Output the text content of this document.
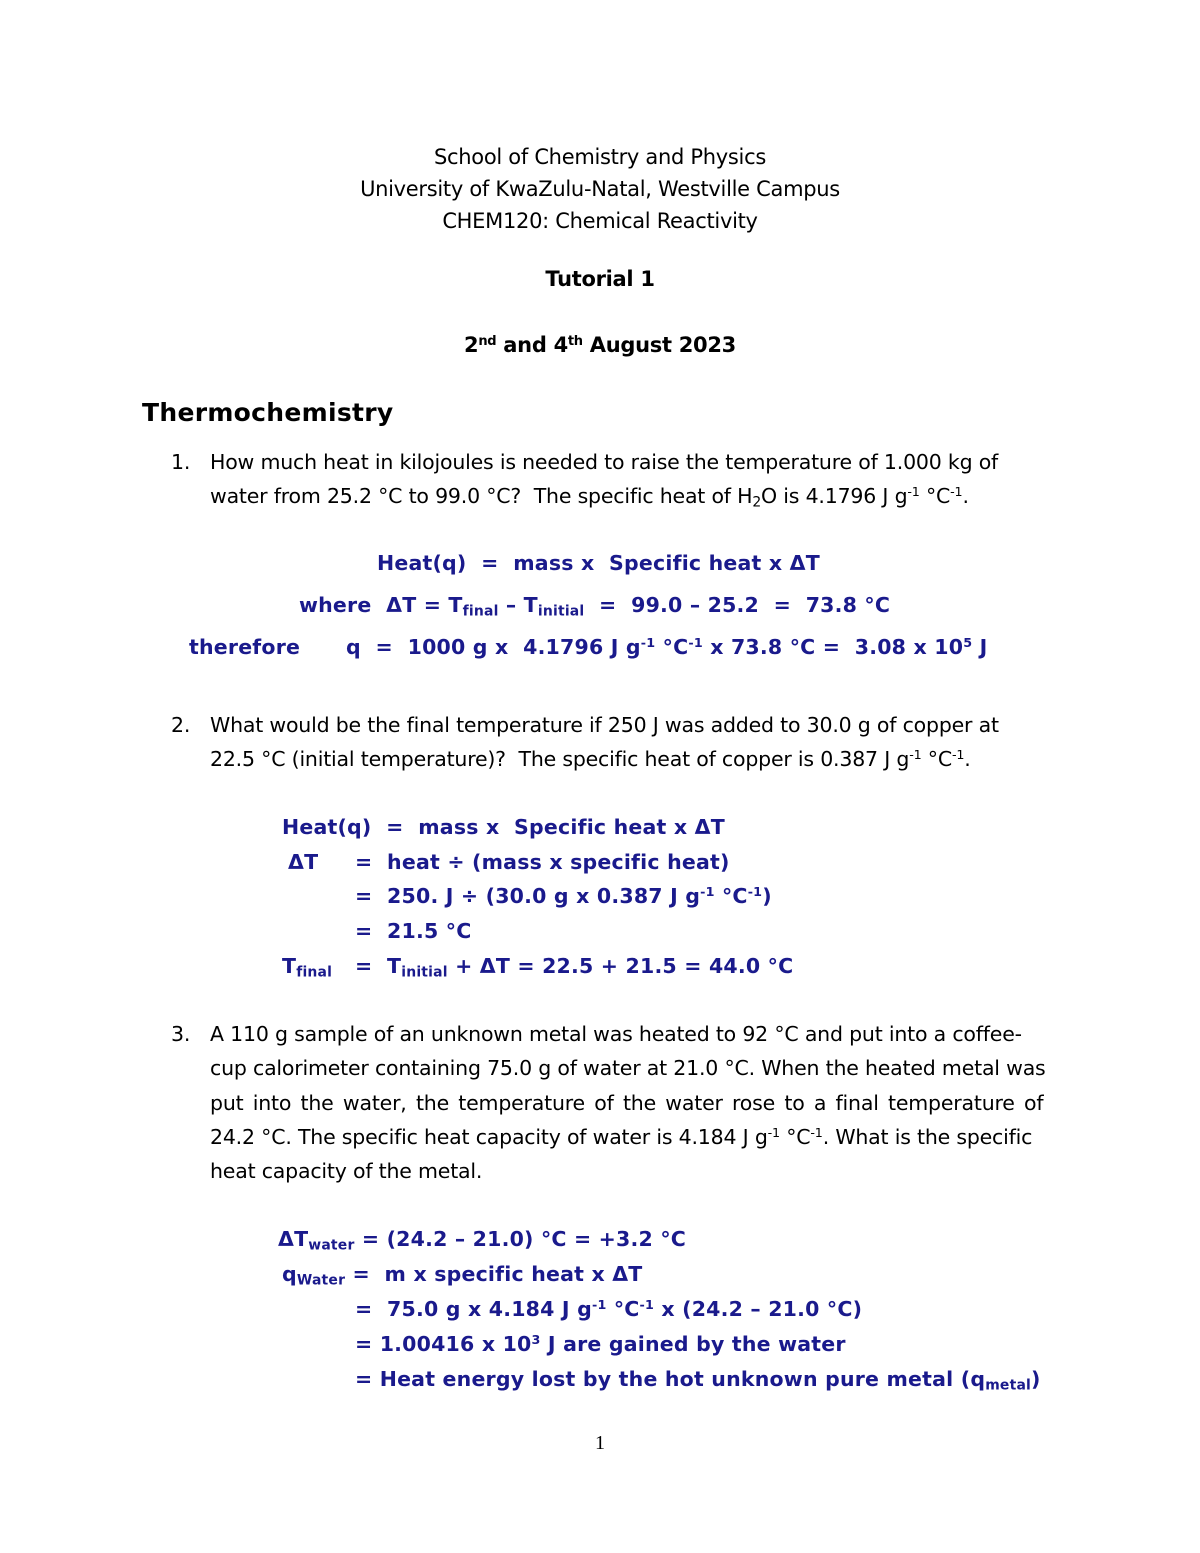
School of Chemistry and Physics
University of KwaZulu-Natal, Westville Campus
CHEM120: Chemical Reactivity
Tutorial 1
2nd and 4th August 2023
Thermochemistry
1. How much heat in kilojoules is needed to raise the temperature of 1.000 kg of
water from 25.2 °C to 99.0 °C?  The specific heat of $H_2O$ is 4.1796 J $g^{-1}$ $^\circ C^{-1}$.
Heat(q)  =  mass x  Specific heat x ΔT
where  $\Delta T = T_{final} - T_{initial} = 99.0 - 25.2 = 73.8$ °C
therefore q  =  1000 g x  4.1796 J $g^{-1}$ $^\circ C^{-1}$ x 73.8 °C =  3.08 x $10^5$ J
2. What would be the final temperature if 250 J was added to 30.0 g of copper at
22.5 °C (initial temperature)?  The specific heat of copper is 0.387 J $g^{-1}$ $^\circ C^{-1}$.
Heat(q)  =  mass x  Specific heat x ΔT
ΔT =  heat ÷ (mass x specific heat)
=  250. J ÷ (30.0 g x 0.387 J $g^{-1}$ $^\circ C^{-1}$)
=  21.5 °C
$T_{final} = T_{initial} + \Delta T = 22.5 + 21.5 = 44.0$ °C
3. A 110 g sample of an unknown metal was heated to 92 °C and put into a coffee-
cup calorimeter containing 75.0 g of water at 21.0 °C. When the heated metal was
put into the water, the temperature of the water rose to a final temperature of
24.2 °C. The specific heat capacity of water is 4.184 J $g^{-1}$ $^\circ C^{-1}$. What is the specific
heat capacity of the metal.
$\Delta T_{water} = (24.2 - 21.0) ^\circ C = +3.2$ °C
$q_{Water} = m$ x specific heat x ΔT
=  75.0 g x 4.184 J $g^{-1}$ $^\circ C^{-1}$ x (24.2 – 21.0 °C)
= 1.00416 x $10^3$ J are gained by the water
= Heat energy lost by the hot unknown pure metal $(q_{metal})$
1
